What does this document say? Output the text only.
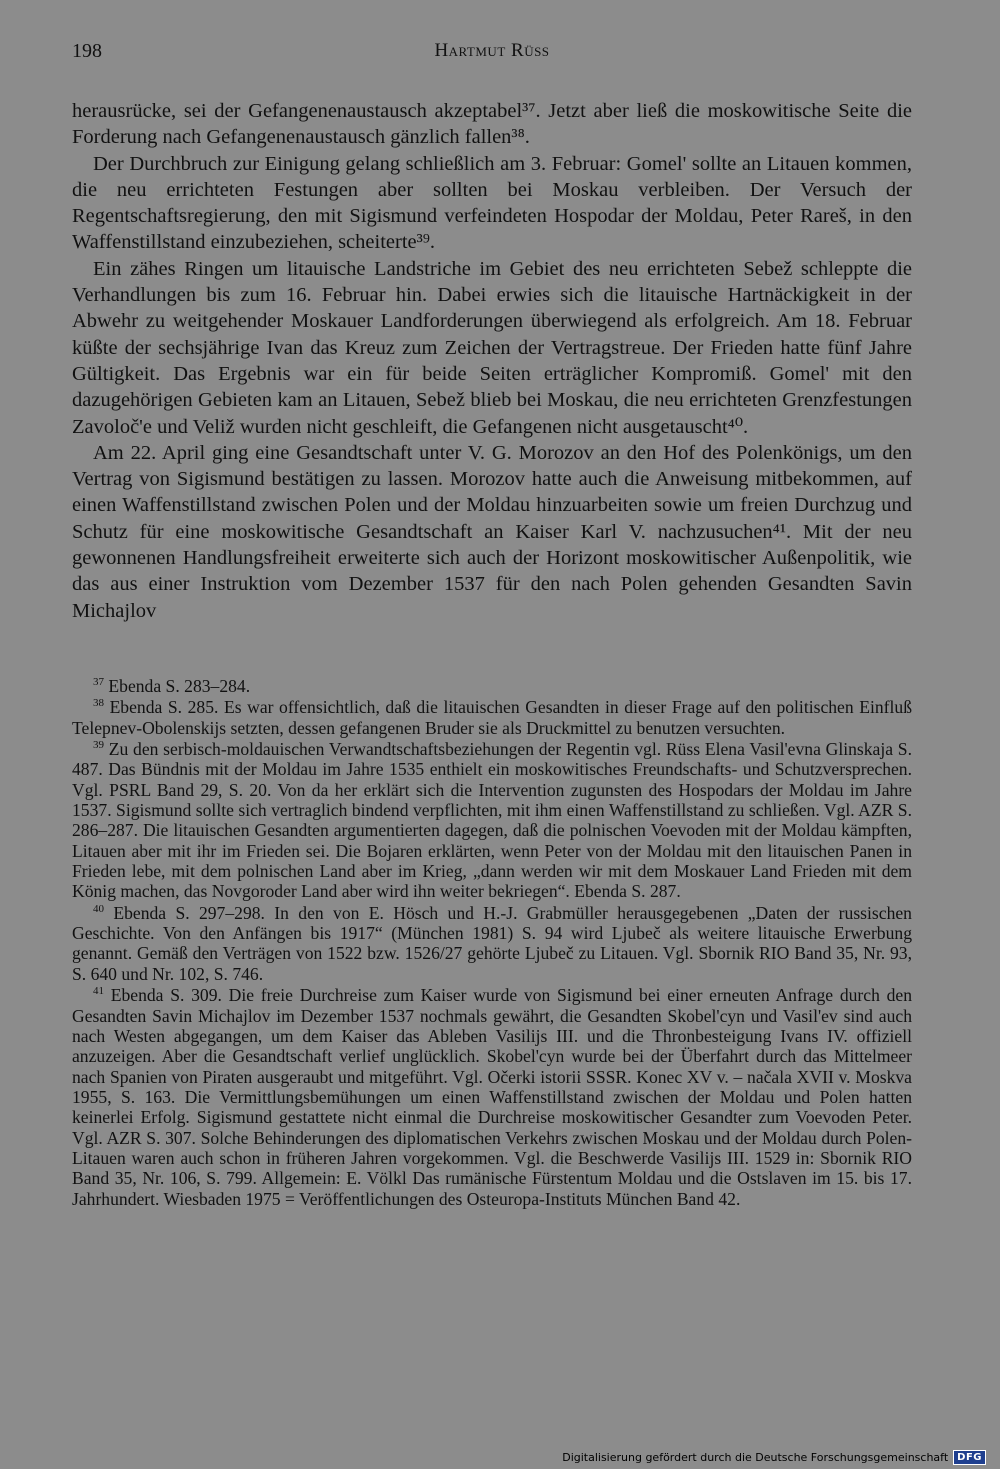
198	Hartmut Rüss

herausrücke, sei der Gefangenenaustausch akzeptabel³⁷. Jetzt aber ließ die moskowitische Seite die Forderung nach Gefangenenaustausch gänzlich fallen³⁸.

Der Durchbruch zur Einigung gelang schließlich am 3. Februar: Gomel' sollte an Litauen kommen, die neu errichteten Festungen aber sollten bei Moskau verbleiben. Der Versuch der Regentschaftsregierung, den mit Sigismund verfeindeten Hospodar der Moldau, Peter Rareš, in den Waffenstillstand einzubeziehen, scheiterte³⁹.

Ein zähes Ringen um litauische Landstriche im Gebiet des neu errichteten Sebež schleppte die Verhandlungen bis zum 16. Februar hin. Dabei erwies sich die litauische Hartnäckigkeit in der Abwehr zu weitgehender Moskauer Landforderungen überwiegend als erfolgreich. Am 18. Februar küßte der sechsjährige Ivan das Kreuz zum Zeichen der Vertragstreue. Der Frieden hatte fünf Jahre Gültigkeit. Das Ergebnis war ein für beide Seiten erträglicher Kompromiß. Gomel' mit den dazugehörigen Gebieten kam an Litauen, Sebež blieb bei Moskau, die neu errichteten Grenzfestungen Zavoloč'e und Velіž wurden nicht geschleift, die Gefangenen nicht ausgetauscht⁴⁰.

Am 22. April ging eine Gesandtschaft unter V. G. Morozov an den Hof des Polenkönigs, um den Vertrag von Sigismund bestätigen zu lassen. Morozov hatte auch die Anweisung mitbekommen, auf einen Waffenstillstand zwischen Polen und der Moldau hinzuarbeiten sowie um freien Durchzug und Schutz für eine moskowitische Gesandtschaft an Kaiser Karl V. nachzusuchen⁴¹. Mit der neu gewonnenen Handlungsfreiheit erweiterte sich auch der Horizont moskowitischer Außenpolitik, wie das aus einer Instruktion vom Dezember 1537 für den nach Polen gehenden Gesandten Savin Michajlov

$^{37}$ Ebenda S. 283–284.

$^{38}$ Ebenda S. 285. Es war offensichtlich, daß die litauischen Gesandten in dieser Frage auf den politischen Einfluß Telepnev-Obolenskijs setzten, dessen gefangenen Bruder sie als Druckmittel zu benutzen versuchten.

$^{39}$ Zu den serbisch-moldauischen Verwandtschaftsbeziehungen der Regentin vgl. Rüss Elena Vasil'evna Glinskaja S. 487. Das Bündnis mit der Moldau im Jahre 1535 enthielt ein moskowitisches Freundschafts- und Schutzversprechen. Vgl. PSRL Band 29, S. 20. Von da her erklärt sich die Intervention zugunsten des Hospodars der Moldau im Jahre 1537. Sigismund sollte sich vertraglich bindend verpflichten, mit ihm einen Waffenstillstand zu schließen. Vgl. AZR S. 286–287. Die litauischen Gesandten argumentierten dagegen, daß die polnischen Voevoden mit der Moldau kämpften, Litauen aber mit ihr im Frieden sei. Die Bojaren erklärten, wenn Peter von der Moldau mit den litauischen Panen in Frieden lebe, mit dem polnischen Land aber im Krieg, „dann werden wir mit dem Moskauer Land Frieden mit dem König machen, das Novgoroder Land aber wird ihn weiter bekriegen“. Ebenda S. 287.

$^{40}$ Ebenda S. 297–298. In den von E. Hösch und H.-J. Grabmüller herausgegebenen „Daten der russischen Geschichte. Von den Anfängen bis 1917“ (München 1981) S. 94 wird Ljubeč als weitere litauische Erwerbung genannt. Gemäß den Verträgen von 1522 bzw. 1526/27 gehörte Ljubeč zu Litauen. Vgl. Sbornik RIO Band 35, Nr. 93, S. 640 und Nr. 102, S. 746.

$^{41}$ Ebenda S. 309. Die freie Durchreise zum Kaiser wurde von Sigismund bei einer erneuten Anfrage durch den Gesandten Savin Michajlov im Dezember 1537 nochmals gewährt, die Gesandten Skobel'cyn und Vasil'ev sind auch nach Westen abgegangen, um dem Kaiser das Ableben Vasilijs III. und die Thronbesteigung Ivans IV. offiziell anzuzeigen. Aber die Gesandtschaft verlief unglücklich. Skobel'cyn wurde bei der Überfahrt durch das Mittelmeer nach Spanien von Piraten ausgeraubt und mitgeführt. Vgl. Očerki istorii SSSR. Konec XV v. – načala XVII v. Moskva 1955, S. 163. Die Vermittlungsbemühungen um einen Waffenstillstand zwischen der Moldau und Polen hatten keinerlei Erfolg. Sigismund gestattete nicht einmal die Durchreise moskowitischer Gesandter zum Voevoden Peter. Vgl. AZR S. 307. Solche Behinderungen des diplomatischen Verkehrs zwischen Moskau und der Moldau durch Polen-Litauen waren auch schon in früheren Jahren vorgekommen. Vgl. die Beschwerde Vasilijs III. 1529 in: Sbornik RIO Band 35, Nr. 106, S. 799. Allgemein: E. Völkl Das rumänische Fürstentum Moldau und die Ostslaven im 15. bis 17. Jahrhundert. Wiesbaden 1975 = Veröffentlichungen des Osteuropa-Instituts München Band 42.

Digitalisierung gefördert durch die Deutsche Forschungsgemeinschaft DFG
